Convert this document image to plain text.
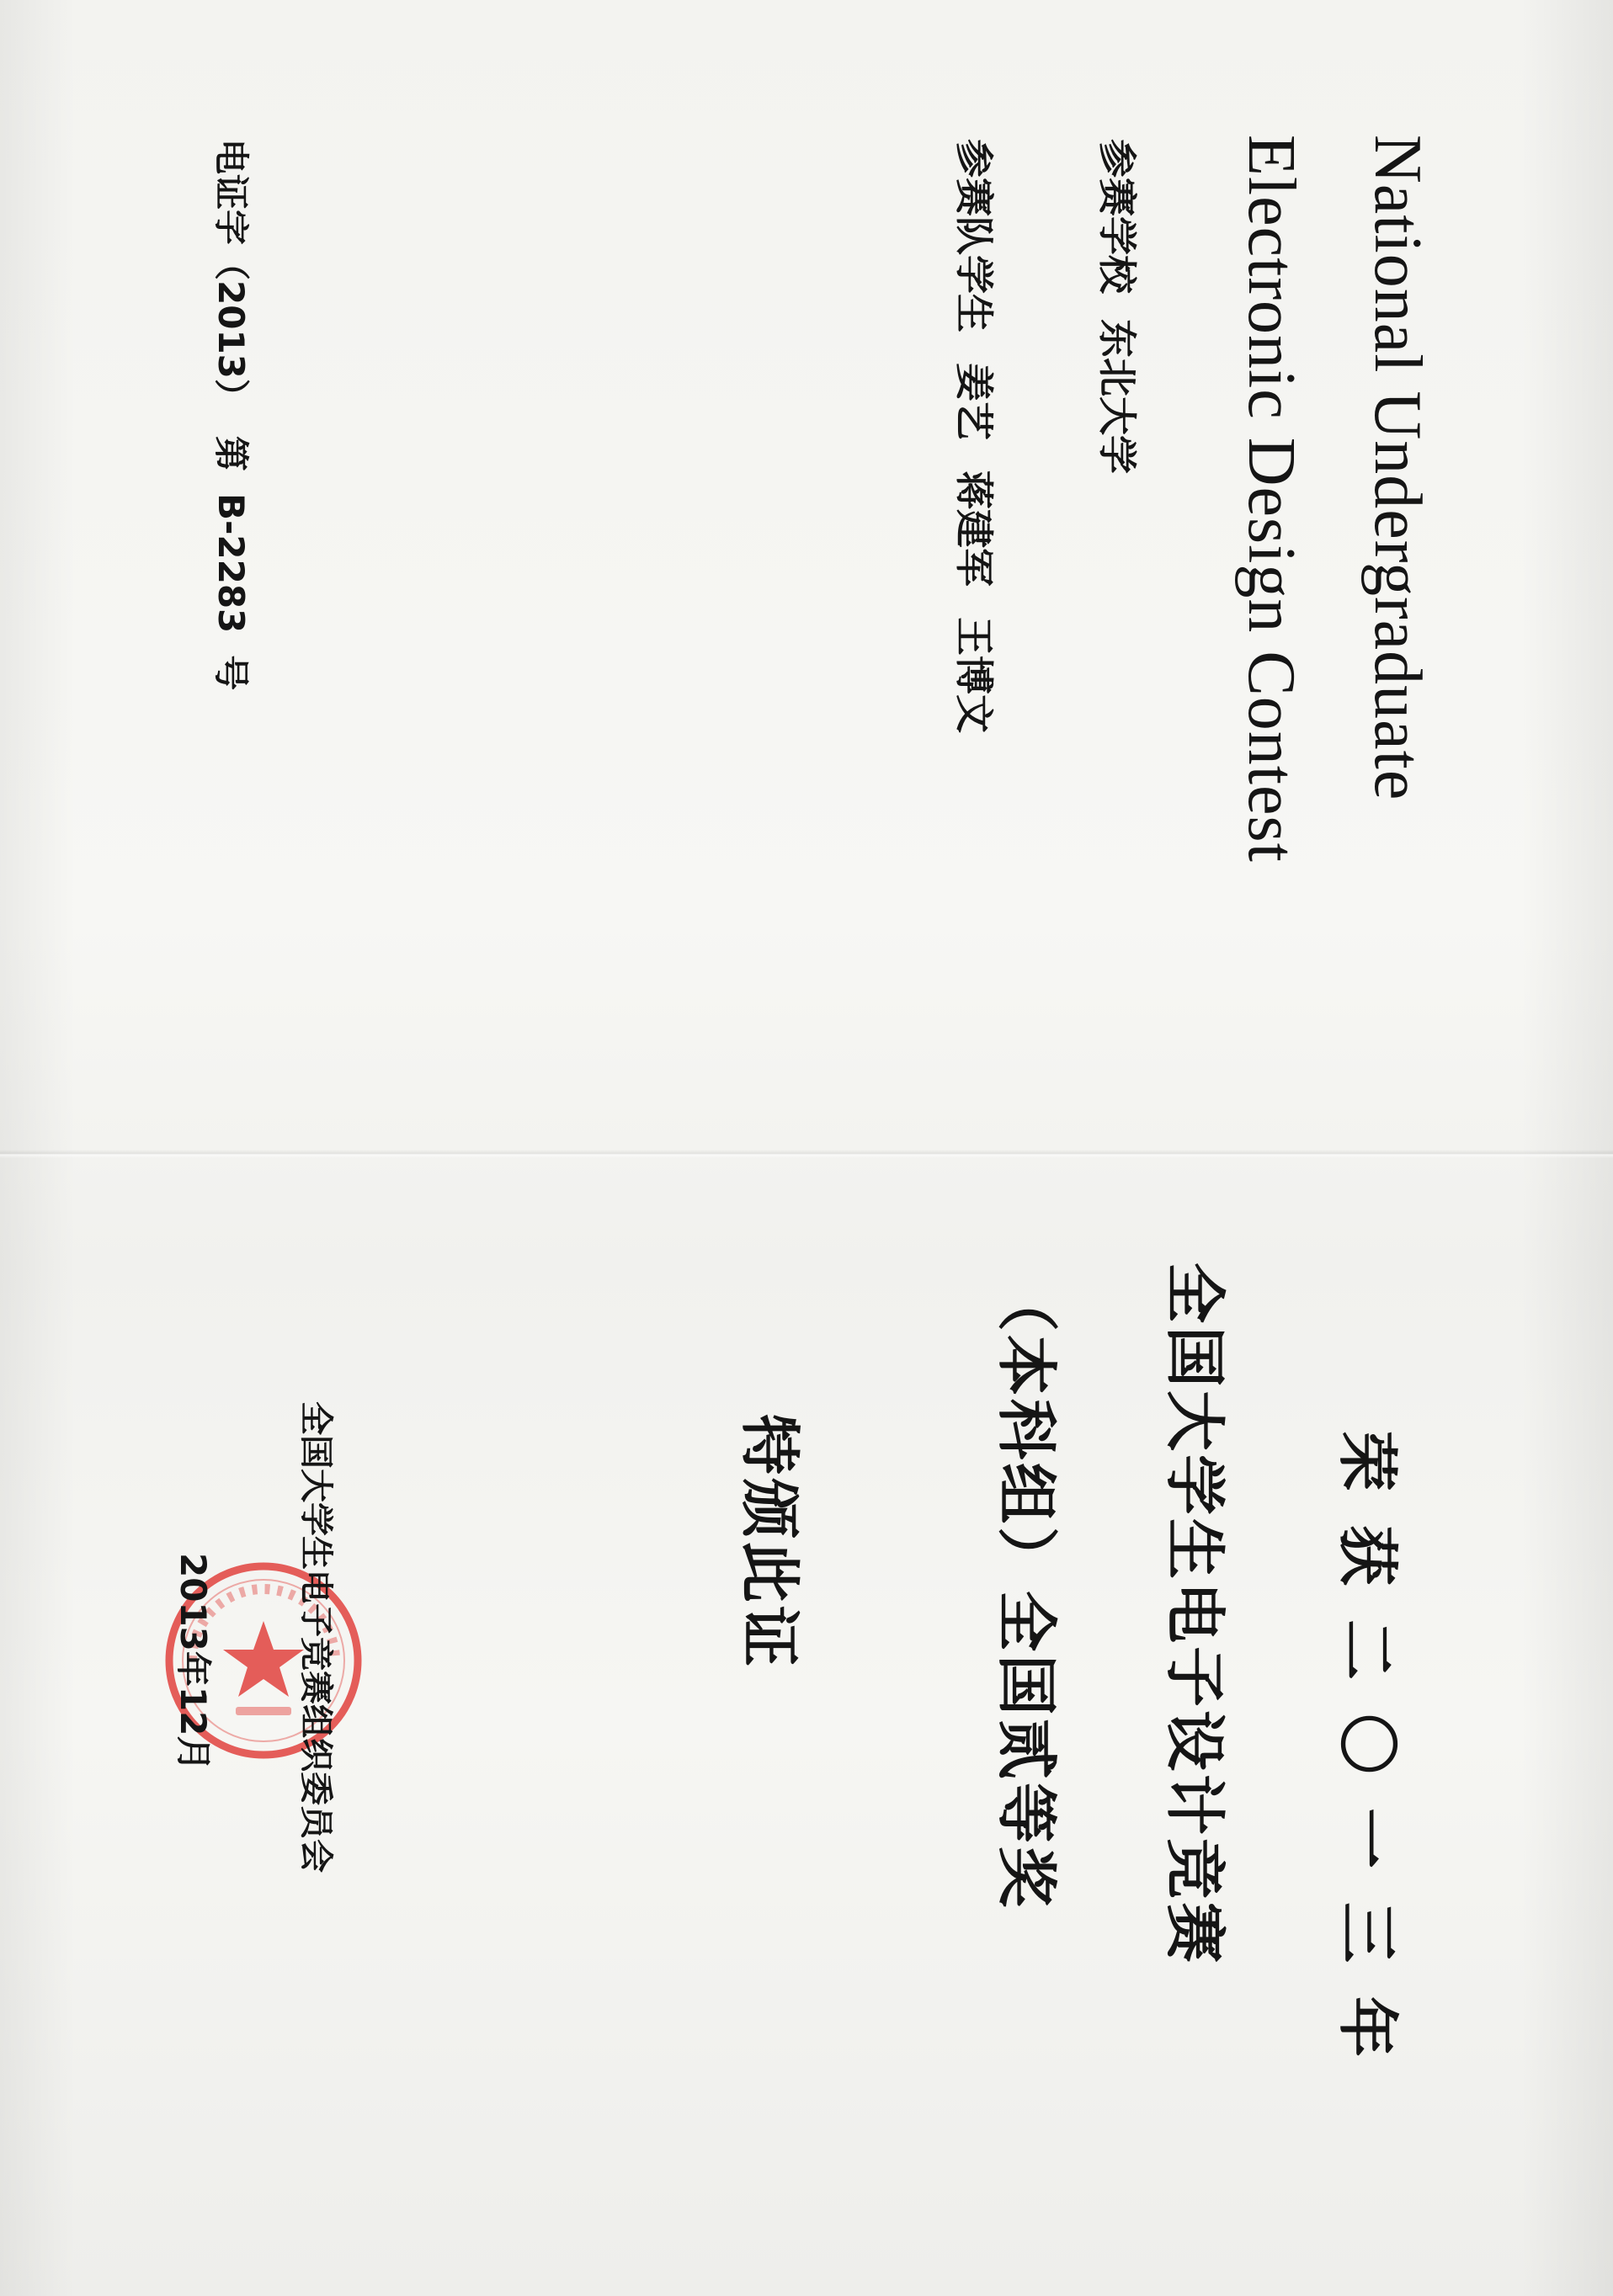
National Undergraduate
Electronic Design Contest
参赛学校东北大学
参赛队学生姜艺蒋建军王博文
电证字（2013）第B-2283号
荣获二〇一三年
全国大学生电子设计竞赛
（本科组）全国贰等奖
特颁此证
全国大学生电子竞赛组织委员会
2013年12月
